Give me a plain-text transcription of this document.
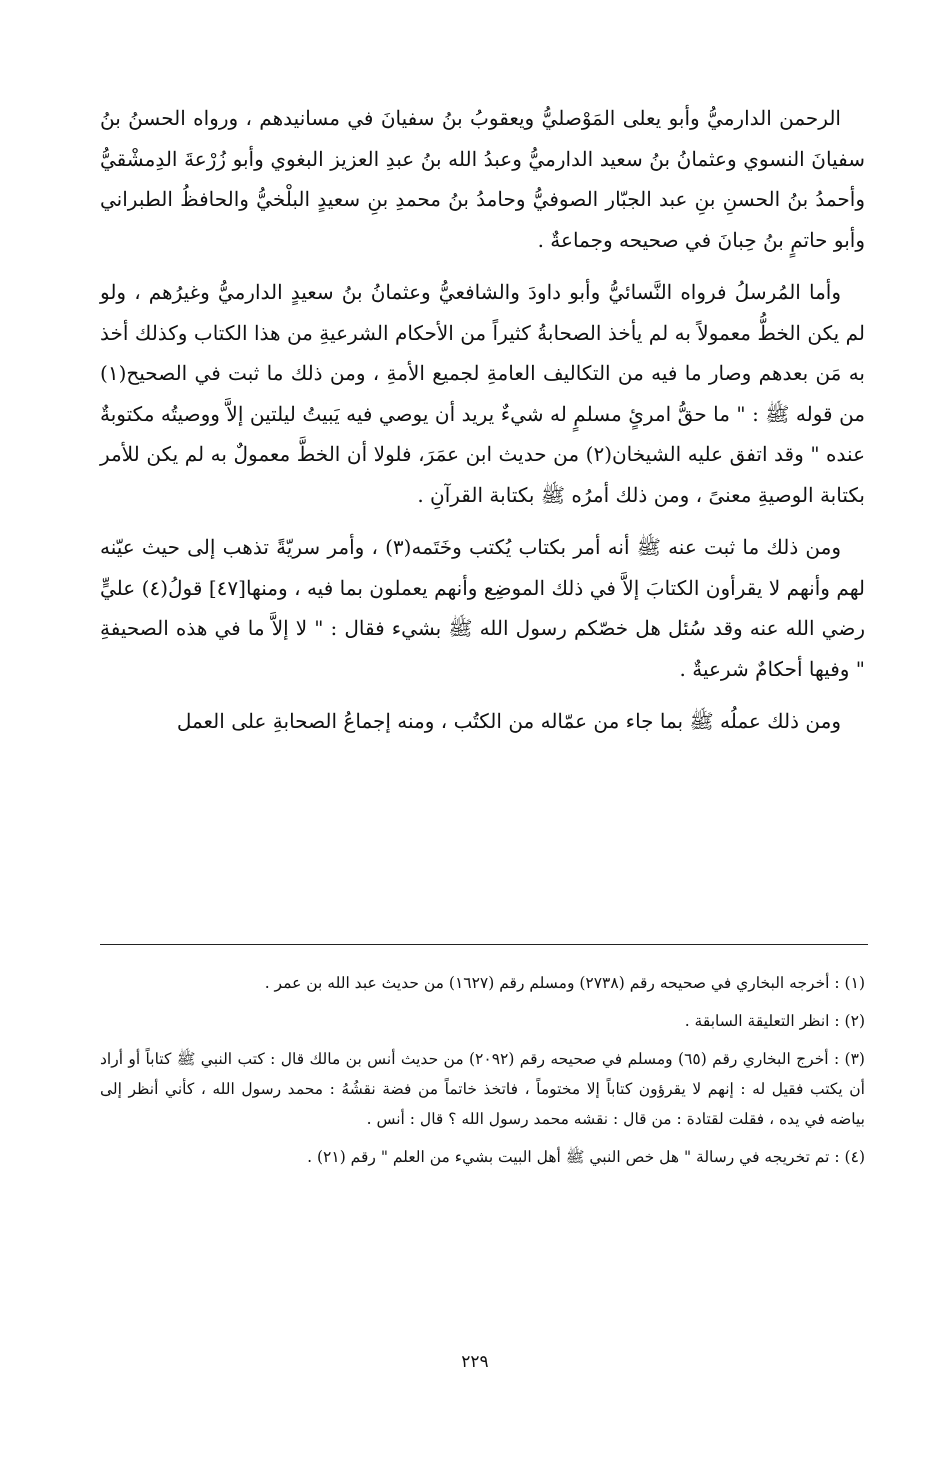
الرحمن الدارميُّ وأبو يعلى المَوْصليُّ ويعقوبُ بنُ سفيانَ في مسانيدهم ، ورواه الحسنُ بنُ سفيانَ النسوي وعثمانُ بنُ سعيد الدارميُّ وعبدُ الله بنُ عبدِ العزيز البغوي وأبو زُرْعةَ الدِمشْقيُّ وأحمدُ بنُ الحسنِ بنِ عبد الجبّار الصوفيُّ وحامدُ بنُ محمدِ بنِ سعيدٍ البلْخيُّ والحافظُ الطبراني وأبو حاتمٍ بنُ حِبانَ في صحيحه وجماعةٌ .

وأما المُرسلُ فرواه النَّسائيُّ وأبو داودَ والشافعيُّ وعثمانُ بنُ سعيدٍ الدارميُّ وغيرُهم ، ولو لم يكن الخطُّ معمولاً به لم يأخذ الصحابةُ كثيراً من الأحكام الشرعيةِ من هذا الكتاب وكذلك أخذ به مَن بعدهم وصار ما فيه من التكاليف العامةِ لجميع الأمةِ ، ومن ذلك ما ثبت في الصحيح(١) من قوله ﷺ : " ما حقُّ امرئٍ مسلمٍ له شيءٌ يريد أن يوصي فيه يَبيتُ ليلتين إلاَّ ووصيتُه مكتوبةٌ عنده " وقد اتفق عليه الشيخان(٢) من حديث ابن عمَرَ، فلولا أن الخطَّ معمولٌ به لم يكن للأمر بكتابة الوصيةِ معنىً ، ومن ذلك أمرُه ﷺ بكتابة القرآنِ .

ومن ذلك ما ثبت عنه ﷺ أنه أمر بكتاب يُكتب وخَتَمه(٣) ، وأمر سريّةً تذهب إلى حيث عيّنه لهم وأنهم لا يقرأون الكتابَ إلاَّ في ذلك الموضِع وأنهم يعملون بما فيه ، ومنها[٤٧] قولُ(٤) عليٍّ رضي الله عنه وقد سُئل هل خصّكم رسول الله ﷺ بشيء فقال : " لا إلاَّ ما في هذه الصحيفةِ " وفيها أحكامٌ شرعيةٌ .

ومن ذلك عملُه ﷺ بما جاء من عمّاله من الكتُب ، ومنه إجماعُ الصحابةِ على العمل

(١) : أخرجه البخاري في صحيحه رقم (٢٧٣٨) ومسلم رقم (١٦٢٧) من حديث عبد الله بن عمر .

(٢) : انظر التعليقة السابقة .

(٣) : أخرج البخاري رقم (٦٥) ومسلم في صحيحه رقم (٢٠٩٢) من حديث أنس بن مالك قال : كتب النبي ﷺ كتاباً أو أراد أن يكتب فقيل له : إنهم لا يقرؤون كتاباً إلا مختوماً ، فاتخذ خاتماً من فضة نقشُهُ : محمد رسول الله ، كأني أنظر إلى بياضه في يده ، فقلت لقتادة : من قال : نقشه محمد رسول الله ؟ قال : أنس .

(٤) : تم تخريجه في رسالة " هل خص النبي ﷺ أهل البيت بشيء من العلم " رقم (٢١) .

٢٢٩
